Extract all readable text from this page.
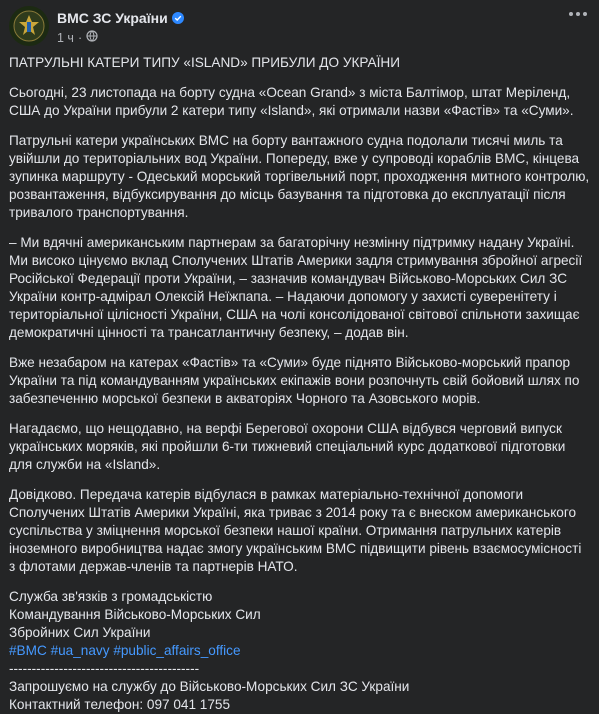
ВМС ЗС України
1 ч ·

ПАТРУЛЬНІ КАТЕРИ ТИПУ «ISLAND» ПРИБУЛИ ДО УКРАЇНИ

Сьогодні, 23 листопада на борту судна «Ocean Grand» з міста Балтімор, штат Меріленд, США до України прибули 2 катери типу «Island», які отримали назви «Фастів» та «Суми».

Патрульні катери українських ВМС на борту вантажного судна подолали тисячі миль та увійшли до територіальних вод України. Попереду, вже у супроводі кораблів ВМС, кінцева зупинка маршруту - Одеський морський торгівельний порт, проходження митного контролю, розвантаження, відбуксирування до місць базування та підготовка до експлуатації після тривалого транспортування.

– Ми вдячні американським партнерам за багаторічну незмінну підтримку надану Україні. Ми високо цінуємо вклад Сполучених Штатів Америки задля стримування збройної агресії Російської Федерації проти України, – зазначив командувач Військово-Морських Сил ЗС України контр-адмірал Олексій Неїжпапа. – Надаючи допомогу у захисті суверенітету і територіальної цілісності України, США на чолі консолідованої світової спільноти захищає демократичні цінності та трансатлантичну безпеку, – додав він.

Вже незабаром на катерах «Фастів» та «Суми» буде піднято Військово-морський прапор України та під командуванням українських екіпажів вони розпочнуть свій бойовий шлях по забезпеченню морської безпеки в акваторіях Чорного та Азовського морів.

Нагадаємо, що нещодавно, на верфі Берегової охорони США відбувся черговий випуск українських моряків, які пройшли 6-ти тижневий спеціальний курс додаткової підготовки для служби на «Island».

Довідково. Передача катерів відбулася в рамках матеріально-технічної допомоги Сполучених Штатів Америки Україні, яка триває з 2014 року та є внеском американського суспільства у зміцнення морської безпеки нашої країни. Отримання патрульних катерів іноземного виробництва надає змогу українським ВМС підвищити рівень взаємосумісності з флотами держав-членів та партнерів НАТО.

Служба зв'язків з громадськістю

Командування Військово-Морських Сил

Збройних Сил України

#ВМС #ua_navy #public_affairs_office

------------------------------------------

Запрошуємо на службу до Військово-Морських Сил ЗС України

Контактний телефон: 097 041 1755
